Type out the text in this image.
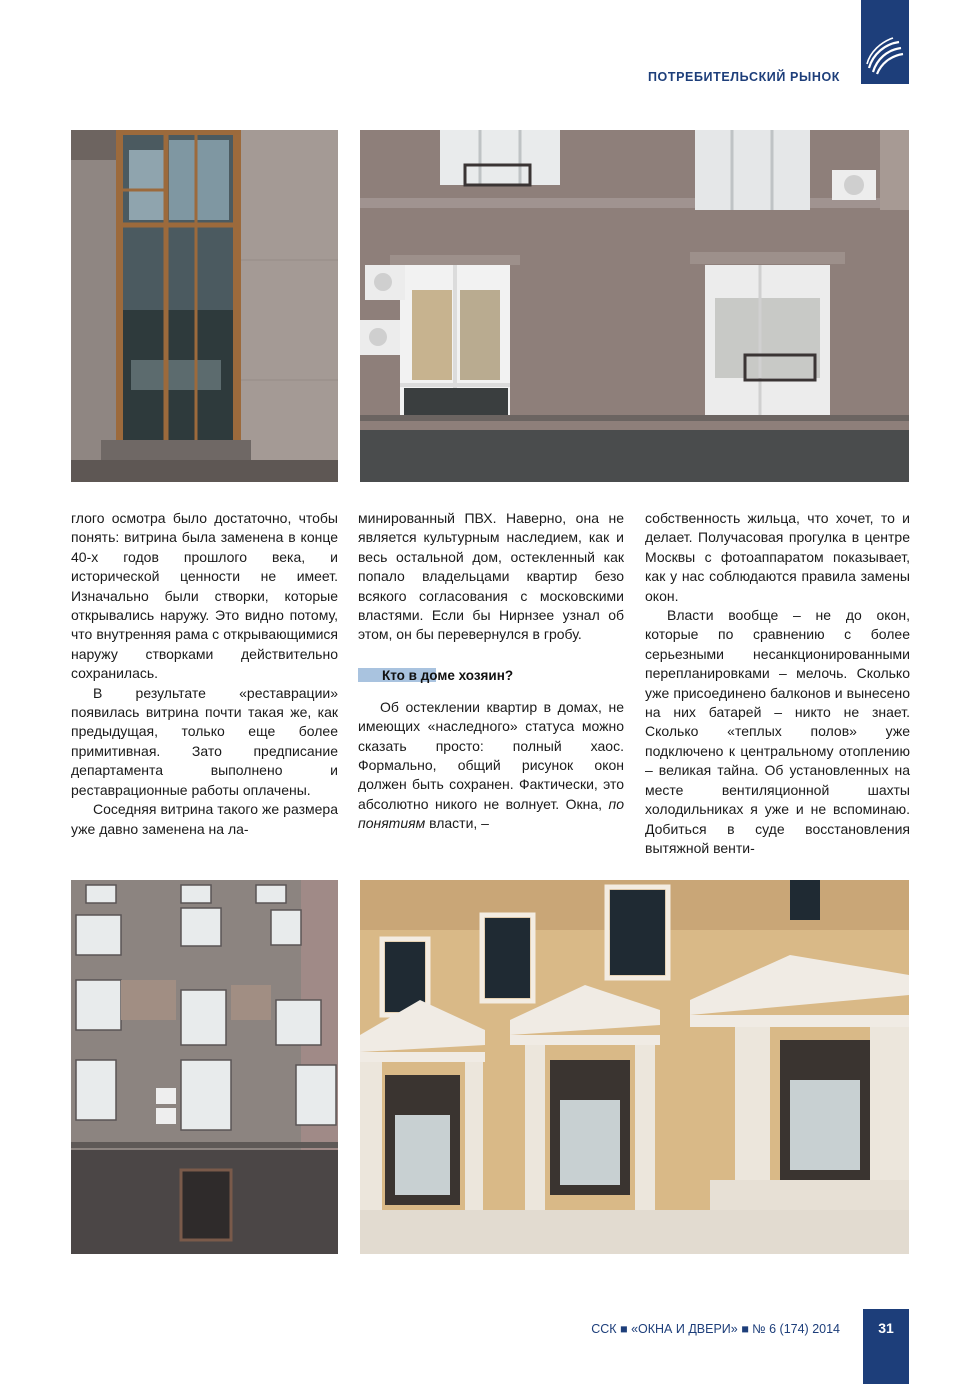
ПОТРЕБИТЕЛЬСКИЙ РЫНОК

глого осмотра было достаточно, чтобы понять: витрина была заменена в конце 40-х годов прошлого века, и исторической ценности не имеет. Изначально были створки, которые открывались наружу. Это видно потому, что внутренняя рама с открывающимися наружу створками действительно сохранилась.

В результате «реставрации» появилась витрина почти такая же, как предыдущая, только еще более примитивная. Зато предписание департамента выполнено и реставрационные работы оплачены.

Соседняя витрина такого же размера уже давно заменена на ла-

минированный ПВХ. Наверно, она не является культурным наследием, как и весь остальной дом, остекленный как попало владельцами квартир безо всякого согласования с московскими властями. Если бы Нирнзее узнал об этом, он бы перевернулся в гробу.

Кто в доме хозяин?

Об остеклении квартир в домах, не имеющих «наследного» статуса можно сказать просто: полный хаос. Формально, общий рисунок окон должен быть сохранен. Фактически, это абсолютно никого не волнует. Окна, по понятиям власти, –

собственность жильца, что хочет, то и делает. Получасовая прогулка в центре Москвы с фотоаппаратом показывает, как у нас соблюдаются правила замены окон.

Власти вообще – не до окон, которые по сравнению с более серьезными несанкционированными перепланировками – мелочь. Сколько уже присоединено балконов и вынесено на них батарей – никто не знает. Сколько «теплых полов» уже подключено к центральному отоплению – великая тайна. Об установленных на месте вентиляционной шахты холодильниках я уже и не вспоминаю. Добиться в суде восстановления вытяжной венти-

ССК ■ «ОКНА И ДВЕРИ» ■ № 6 (174) 2014	31
